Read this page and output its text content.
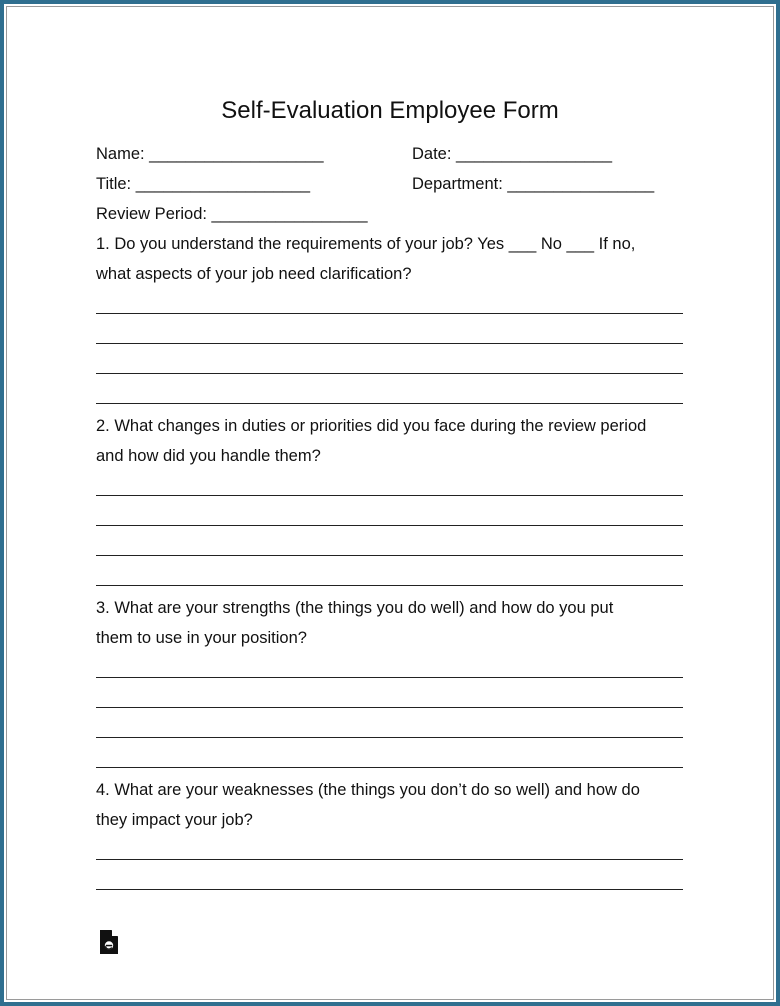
Self-Evaluation Employee Form
Name: ___________________	Date: _________________
Title: ___________________	Department: ________________
Review Period: _________________
1. Do you understand the requirements of your job? Yes ___ No ___ If no,
what aspects of your job need clarification?
2. What changes in duties or priorities did you face during the review period
and how did you handle them?
3. What are your strengths (the things you do well) and how do you put
them to use in your position?
4. What are your weaknesses (the things you don’t do so well) and how do
they impact your job?
